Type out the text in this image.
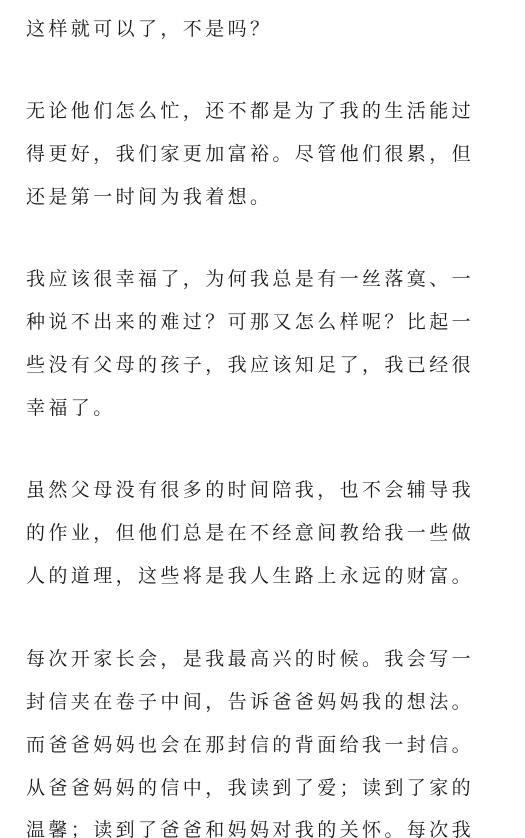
这样就可以了，不是吗？
无论他们怎么忙，还不都是为了我的生活能过
得更好，我们家更加富裕。尽管他们很累，但
还是第一时间为我着想。
我应该很幸福了，为何我总是有一丝落寞、一
种说不出来的难过？可那又怎么样呢？比起一
些没有父母的孩子，我应该知足了，我已经很
幸福了。
虽然父母没有很多的时间陪我，也不会辅导我
的作业，但他们总是在不经意间教给我一些做
人的道理，这些将是我人生路上永远的财富。
每次开家长会，是我最高兴的时候。我会写一
封信夹在卷子中间，告诉爸爸妈妈我的想法。
而爸爸妈妈也会在那封信的背面给我一封信。
从爸爸妈妈的信中，我读到了爱；读到了家的
温馨；读到了爸爸和妈妈对我的关怀。每次我
